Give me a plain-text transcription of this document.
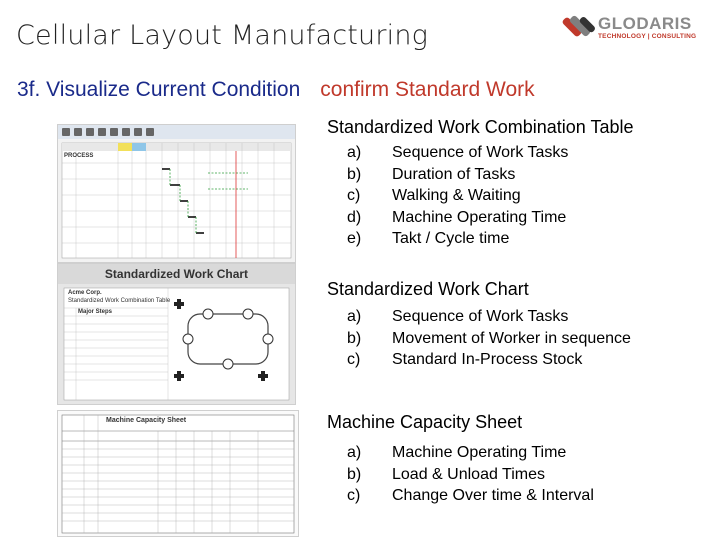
Cellular Layout Manufacturing	GLODARIS
TECHNOLOGY | CONSULTING
3f. Visualize Current Condition confirm Standard Work
PROCESS
Standardized Work Chart
Acme Corp.
Standardized Work Combination Table
Major Steps
Machine Capacity Sheet
Standardized Work Combination Table
a)	Sequence of Work Tasks
b)	Duration of Tasks
c)	Walking & Waiting
d)	Machine Operating Time
e)	Takt / Cycle time
Standardized Work Chart
a)	Sequence of Work Tasks
b)	Movement of Worker in sequence
c)	Standard In-Process Stock
Machine Capacity Sheet
a)	Machine Operating Time
b)	Load & Unload Times
c)	Change Over time & Interval
